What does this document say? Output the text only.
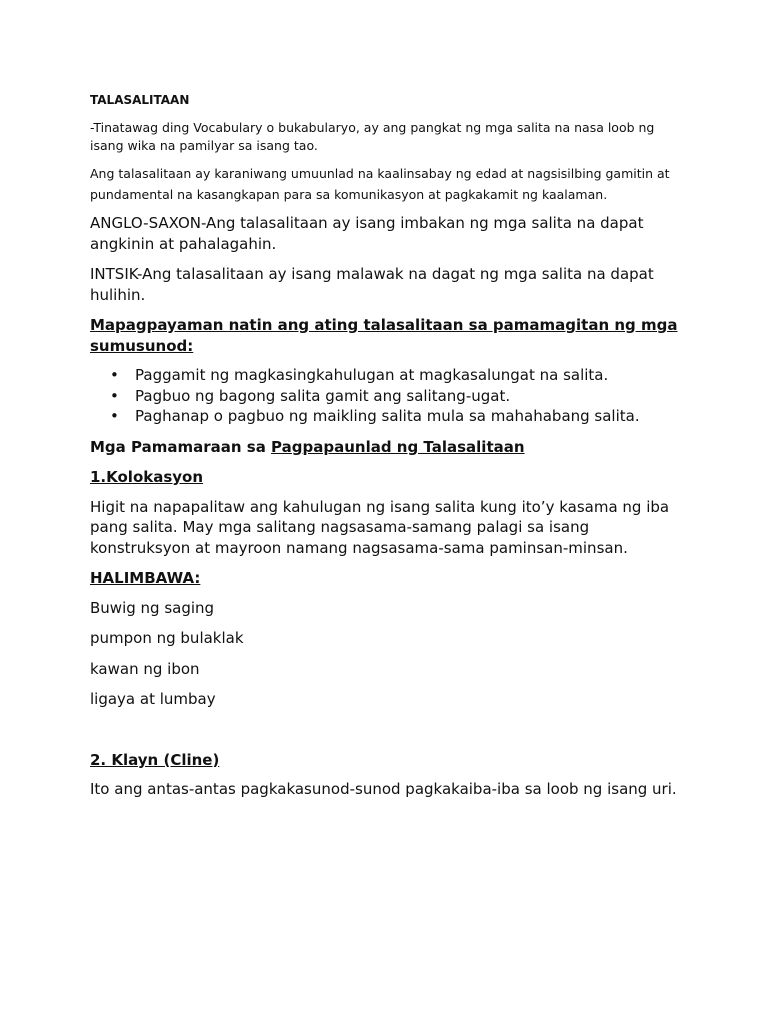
TALASALITAAN

-Tinatawag ding Vocabulary o bukabularyo, ay ang pangkat ng mga salita na nasa loob ng isang wika na pamilyar sa isang tao.

Ang talasalitaan ay karaniwang umuunlad na kaalinsabay ng edad at nagsisilbing gamitin at pundamental na kasangkapan para sa komunikasyon at pagkakamit ng kaalaman.

ANGLO-SAXON-Ang talasalitaan ay isang imbakan ng mga salita na dapat angkinin at pahalagahin.

INTSIK-Ang talasalitaan ay isang malawak na dagat ng mga salita na dapat hulihin.

Mapagpayaman natin ang ating talasalitaan sa pamamagitan ng mga sumusunod:

• Paggamit ng magkasingkahulugan at magkasalungat na salita.
• Pagbuo ng bagong salita gamit ang salitang-ugat.
• Paghanap o pagbuo ng maikling salita mula sa mahahabang salita.

Mga Pamamaraan sa Pagpapaunlad ng Talasalitaan

1.Kolokasyon

Higit na napapalitaw ang kahulugan ng isang salita kung ito’y kasama ng iba pang salita. May mga salitang nagsasama-samang palagi sa isang konstruksyon at mayroon namang nagsasama-sama paminsan-minsan.

HALIMBAWA:

Buwig ng saging

pumpon ng bulaklak

kawan ng ibon

ligaya at lumbay

2. Klayn (Cline)

Ito ang antas-antas pagkakasunod-sunod pagkakaiba-iba sa loob ng isang uri.
